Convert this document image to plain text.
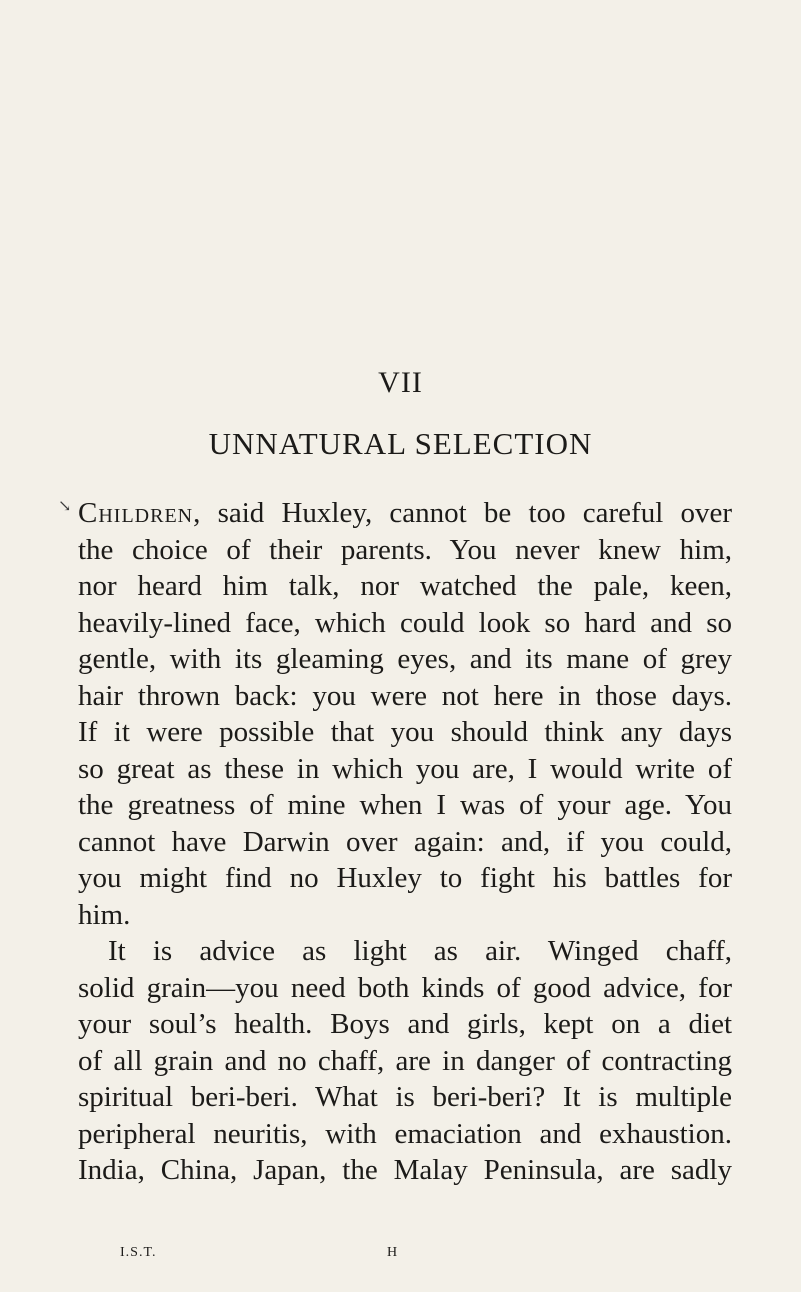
VII
UNNATURAL SELECTION
↘ Children, said Huxley, cannot be too careful over
the choice of their parents. You never knew him,
nor heard him talk, nor watched the pale, keen,
heavily-lined face, which could look so hard and so
gentle, with its gleaming eyes, and its mane of grey
hair thrown back: you were not here in those days.
If it were possible that you should think any days
so great as these in which you are, I would write of
the greatness of mine when I was of your age. You
cannot have Darwin over again: and, if you could,
you might find no Huxley to fight his battles for
him.
It is advice as light as air. Winged chaff,
solid grain—you need both kinds of good advice, for
your soul’s health. Boys and girls, kept on a diet
of all grain and no chaff, are in danger of contracting
spiritual beri-beri. What is beri-beri? It is multiple
peripheral neuritis, with emaciation and exhaustion.
India, China, Japan, the Malay Peninsula, are sadly
I.S.T.	H
